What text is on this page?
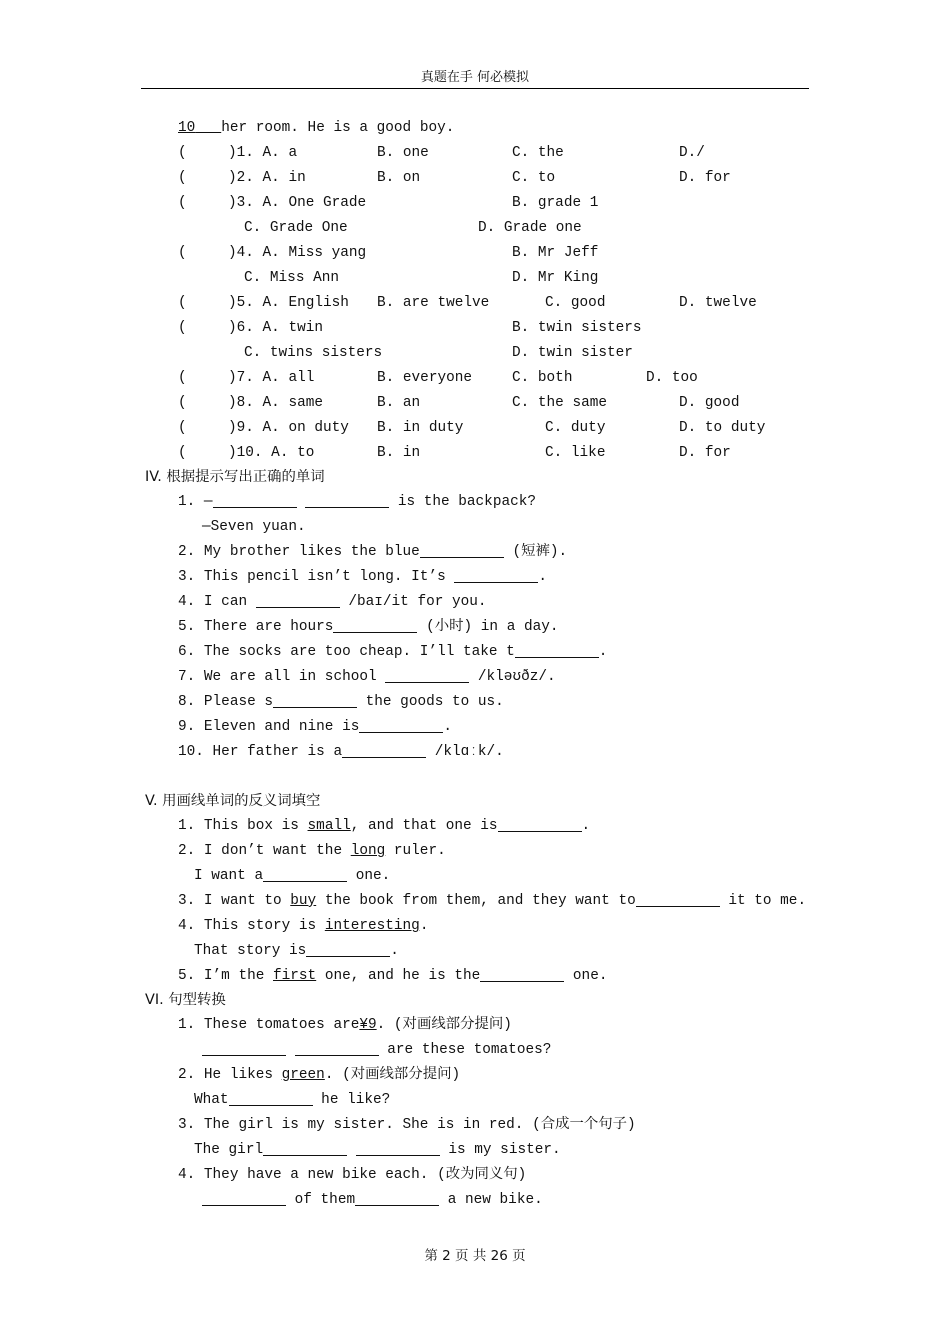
真题在手 何必模拟
10 her room. He is a good boy.
(	)1. A. a	B. one	C. the	D./
(	)2. A. in	B. on	C. to	D. for
(	)3. A. One Grade	B. grade 1
C. Grade One	D. Grade one
(	)4. A. Miss yang	B. Mr Jeff
C. Miss Ann	D. Mr King
(	)5. A. English B. are twelve	C. good	D. twelve
(	)6. A. twin	B. twin sisters
C. twins sisters	D. twin sister
(	)7. A. all	B. everyone	C. both	D. too
(	)8. A. same	B. an	C. the same	D. good
(	)9. A. on duty B. in duty	C. duty	D. to duty
(	)10. A. to	B. in	C. like	D. for
IV. 根据提示写出正确的单词
1. —	is the backpack?
—Seven yuan.
2. My brother likes the blue	(短裤).
3. This pencil isn’t long. It’s	.
4. I can	/baɪ/it for you.
5. There are hours	(小时) in a day.
6. The socks are too cheap. I’ll take t	.
7. We are all in school	/kləʊðz/.
8. Please s	the goods to us.
9. Eleven and nine is	.
10. Her father is a	/klɑːk/.
V. 用画线单词的反义词填空
1. This box is small, and that one is	.
2. I don’t want the long ruler.
I want a	one.
3. I want to buy the book from them, and they want to	it to me.
4. This story is interesting.
That story is	.
5. I’m the first one, and he is the	one.
VI. 句型转换
1. These tomatoes are¥9. (对画线部分提问)
are these tomatoes?
2. He likes green. (对画线部分提问)
What	he like?
3. The girl is my sister. She is in red. (合成一个句子)
The girl	is my sister.
4. They have a new bike each. (改为同义句)
of them	a new bike.
第 2 页 共 26 页
